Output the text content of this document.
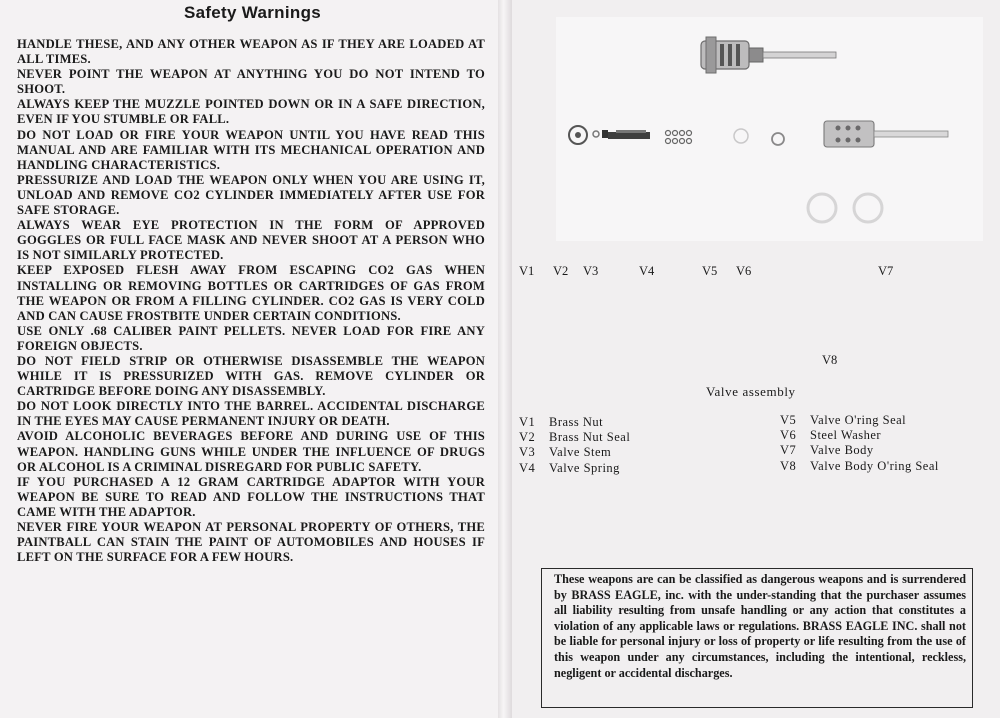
Safety Warnings

HANDLE THESE, AND ANY OTHER WEAPON AS IF THEY ARE LOADED AT ALL TIMES.

NEVER POINT THE WEAPON AT ANYTHING YOU DO NOT INTEND TO SHOOT.

ALWAYS KEEP THE MUZZLE POINTED DOWN OR IN A SAFE DIRECTION, EVEN IF YOU STUMBLE OR FALL.

DO NOT LOAD OR FIRE YOUR WEAPON UNTIL YOU HAVE READ THIS MANUAL AND ARE FAMILIAR WITH ITS MECHANICAL OPERATION AND HANDLING CHARACTERISTICS.

PRESSURIZE AND LOAD THE WEAPON ONLY WHEN YOU ARE USING IT, UNLOAD AND REMOVE CO2 CYLINDER IMMEDIATELY AFTER USE FOR SAFE STORAGE.

ALWAYS WEAR EYE PROTECTION IN THE FORM OF APPROVED GOGGLES OR FULL FACE MASK AND NEVER SHOOT AT A PERSON WHO IS NOT SIMILARLY PROTECTED.

KEEP EXPOSED FLESH AWAY FROM ESCAPING CO2 GAS WHEN INSTALLING OR REMOVING BOTTLES OR CARTRIDGES OF GAS FROM THE WEAPON OR FROM A FILLING CYLINDER. CO2 GAS IS VERY COLD AND CAN CAUSE FROSTBITE UNDER CERTAIN CONDITIONS.

USE ONLY .68 CALIBER PAINT PELLETS. NEVER LOAD FOR FIRE ANY FOREIGN OBJECTS.

DO NOT FIELD STRIP OR OTHERWISE DISASSEMBLE THE WEAPON WHILE IT IS PRESSURIZED WITH GAS. REMOVE CYLINDER OR CARTRIDGE BEFORE DOING ANY DISASSEMBLY.

DO NOT LOOK DIRECTLY INTO THE BARREL. ACCIDENTAL DISCHARGE IN THE EYES MAY CAUSE PERMANENT INJURY OR DEATH.

AVOID ALCOHOLIC BEVERAGES BEFORE AND DURING USE OF THIS WEAPON. HANDLING GUNS WHILE UNDER THE INFLUENCE OF DRUGS OR ALCOHOL IS A CRIMINAL DISREGARD FOR PUBLIC SAFETY.

IF YOU PURCHASED A 12 GRAM CARTRIDGE ADAPTOR WITH YOUR WEAPON BE SURE TO READ AND FOLLOW THE INSTRUCTIONS THAT CAME WITH THE ADAPTOR.

NEVER FIRE YOUR WEAPON AT PERSONAL PROPERTY OF OTHERS, THE PAINTBALL CAN STAIN THE PAINT OF AUTOMOBILES AND HOUSES IF LEFT ON THE SURFACE FOR A FEW HOURS.

V1 V2 V3	V4	V5 V6	V7
V8
Valve assembly
V1 Brass Nut
V2 Brass Nut Seal
V3 Valve Stem
V4 Valve Spring
V5 Valve O'ring Seal
V6 Steel Washer
V7 Valve Body
V8 Valve Body O'ring Seal
These weapons are can be classified as dangerous weapons and is surrendered by BRASS EAGLE, inc. with the under-standing that the purchaser assumes all liability resulting from unsafe handling or any action that constitutes a violation of any applicable laws or regulations. BRASS EAGLE INC. shall not be liable for personal injury or loss of property or life resulting from the use of this weapon under any circumstances, including the intentional, reckless, negligent or accidental discharges.
